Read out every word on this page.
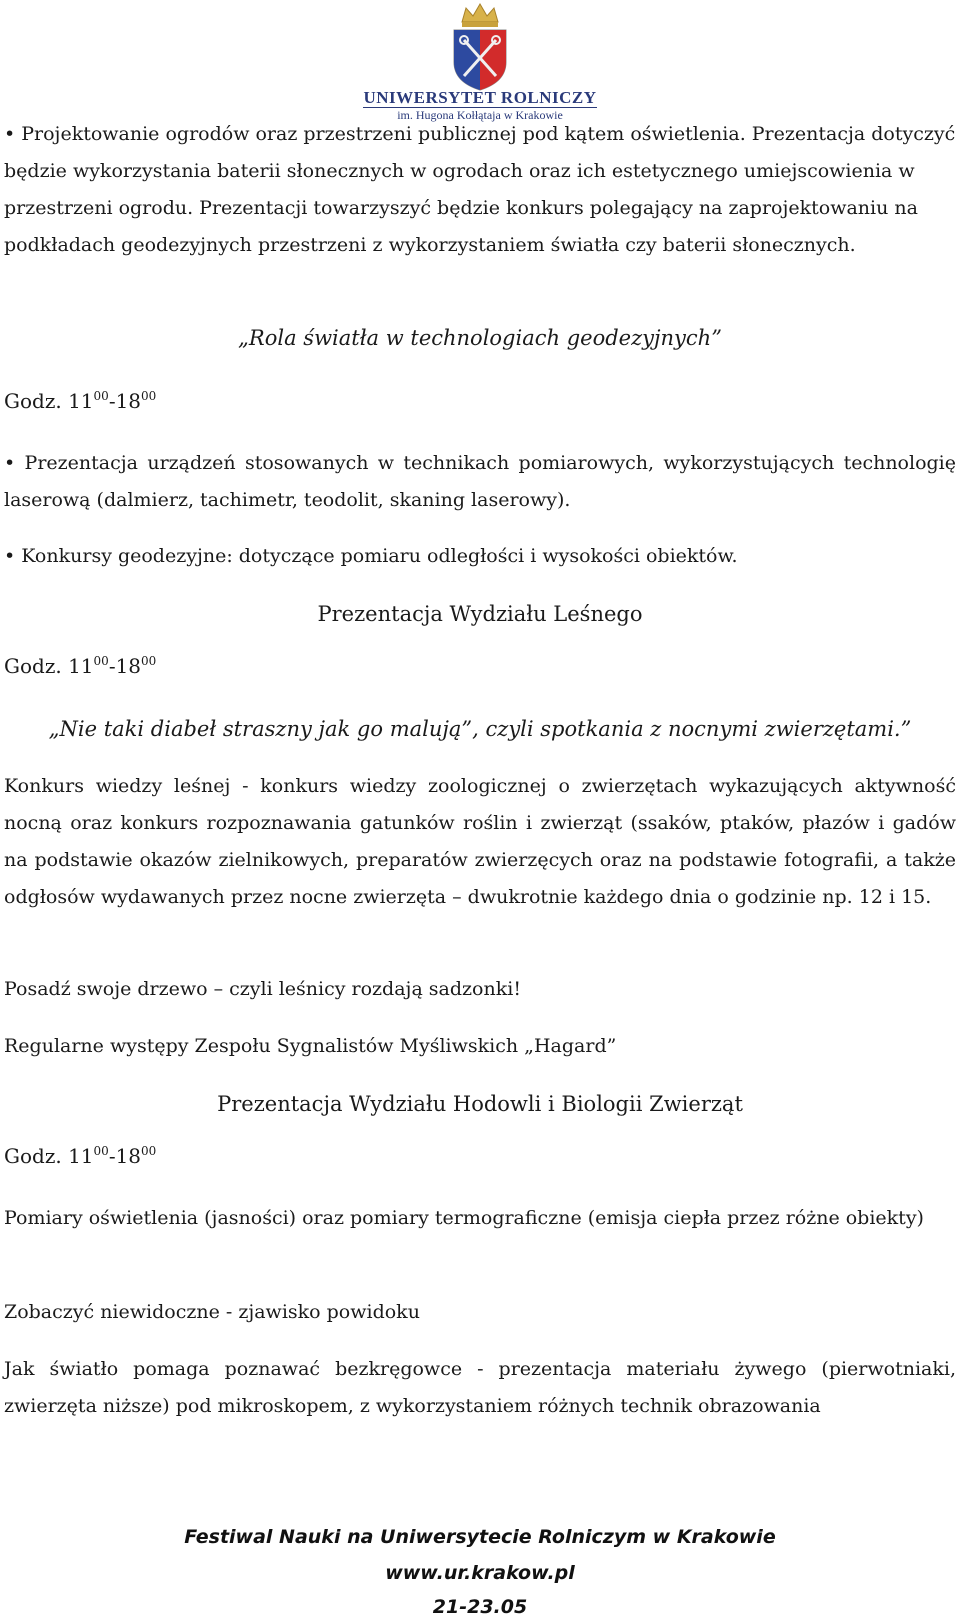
UNIWERSYTET ROLNICZY
im. Hugona Kołłątaja w Krakowie
• Projektowanie ogrodów oraz przestrzeni publicznej pod kątem oświetlenia. Prezentacja dotyczyć będzie wykorzystania baterii słonecznych w ogrodach oraz ich estetycznego umiejscowienia w przestrzeni ogrodu. Prezentacji towarzyszyć będzie konkurs polegający na zaprojektowaniu na podkładach geodezyjnych przestrzeni z wykorzystaniem światła czy baterii słonecznych.
„Rola światła w technologiach geodezyjnych”
Godz. $11^{00}-18^{00}$
• Prezentacja urządzeń stosowanych w technikach pomiarowych, wykorzystujących technologię laserową (dalmierz, tachimetr, teodolit, skaning laserowy).
• Konkursy geodezyjne: dotyczące pomiaru odległości i wysokości obiektów.
Prezentacja Wydziału Leśnego
Godz. $11^{00}-18^{00}$
„Nie taki diabeł straszny jak go malują”, czyli spotkania z nocnymi zwierzętami.”
Konkurs wiedzy leśnej - konkurs wiedzy zoologicznej o zwierzętach wykazujących aktywność nocną oraz konkurs rozpoznawania gatunków roślin i zwierząt (ssaków, ptaków, płazów i gadów na podstawie okazów zielnikowych, preparatów zwierzęcych oraz na podstawie fotografii, a także odgłosów wydawanych przez nocne zwierzęta – dwukrotnie każdego dnia o godzinie np. 12 i 15.
Posadź swoje drzewo – czyli leśnicy rozdają sadzonki!
Regularne występy Zespołu Sygnalistów Myśliwskich „Hagard”
Prezentacja Wydziału Hodowli i Biologii Zwierząt
Godz. $11^{00}-18^{00}$
Pomiary oświetlenia (jasności) oraz pomiary termograficzne (emisja ciepła przez różne obiekty)
Zobaczyć niewidoczne - zjawisko powidoku
Jak światło pomaga poznawać bezkręgowce - prezentacja materiału żywego (pierwotniaki, zwierzęta niższe) pod mikroskopem, z wykorzystaniem różnych technik obrazowania
Festiwal Nauki na Uniwersytecie Rolniczym w Krakowie
www.ur.krakow.pl
21-23.05
